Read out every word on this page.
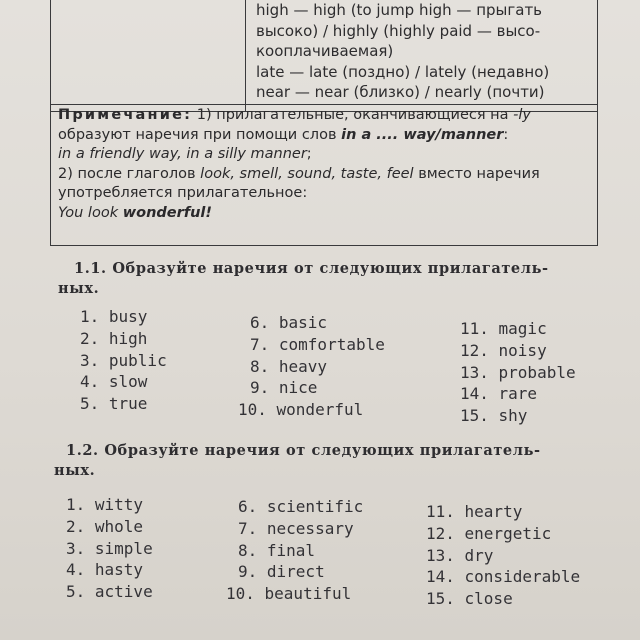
high — high (to jump high — прыгать
высоко) / highly (highly paid — высо-
кооплачиваемая)
late — late (поздно) / lately (недавно)
near — near (близко) / nearly (почти)
Примечание: 1) прилагательные, оканчивающиеся на -ly
образуют наречия при помощи слов in a .... way/manner:
in a friendly way, in a silly manner;
2) после глаголов look, smell, sound, taste, feel вместо наречия
употребляется прилагательное:
You look wonderful!
1.1. Образуйте наречия от следующих прилагатель-
ных.
1. busy
2. high
3. public
4. slow
5. true
6. basic
7. comfortable
8. heavy
9. nice
10. wonderful
11. magic
12. noisy
13. probable
14. rare
15. shy
1.2. Образуйте наречия от следующих прилагатель-
ных.
1. witty
2. whole
3. simple
4. hasty
5. active
6. scientific
7. necessary
8. final
9. direct
10. beautiful
11. hearty
12. energetic
13. dry
14. considerable
15. close
